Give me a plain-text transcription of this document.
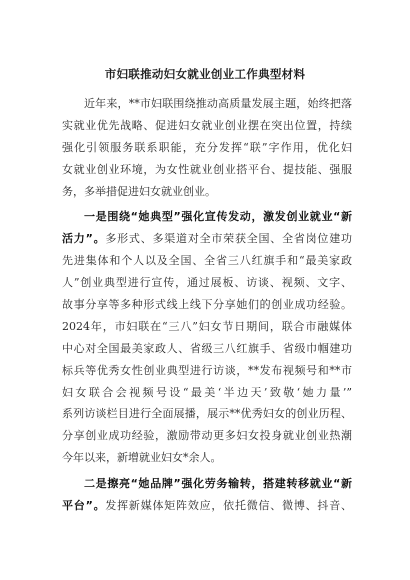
市妇联推动妇女就业创业工作典型材料
近年来，**市妇联围绕推动高质量发展主题，始终把落
实就业优先战略、促进妇女就业创业摆在突出位置，持续
强化引领服务联系职能，充分发挥“联”字作用，优化妇
女就业创业环境，为女性就业创业搭平台、提技能、强服
务，多举措促进妇女就业创业。
一是围绕“她典型”强化宣传发动，激发创业就业“新
活力”。多形式、多渠道对全市荣获全国、全省岗位建功
先进集体和个人以及全国、全省三八红旗手和“最美家政
人”创业典型进行宣传，通过展板、访谈、视频、文字、
故事分享等多种形式线上线下分享她们的创业成功经验。
2024年，市妇联在“三八”妇女节日期间，联合市融媒体
中心对全国最美家政人、省级三八红旗手、省级巾帼建功
标兵等优秀女性创业典型进行访谈，**发布视频号和**市
妇女联合会视频号设“最美‘半边天’致敬‘她力量’”
系列访谈栏目进行全面展播，展示**优秀妇女的创业历程、
分享创业成功经验，激励带动更多妇女投身就业创业热潮
今年以来，新增就业妇女*余人。
二是擦亮“她品牌”强化劳务输转，搭建转移就业“新
平台”。发挥新媒体矩阵效应，依托微信、微博、抖音、
